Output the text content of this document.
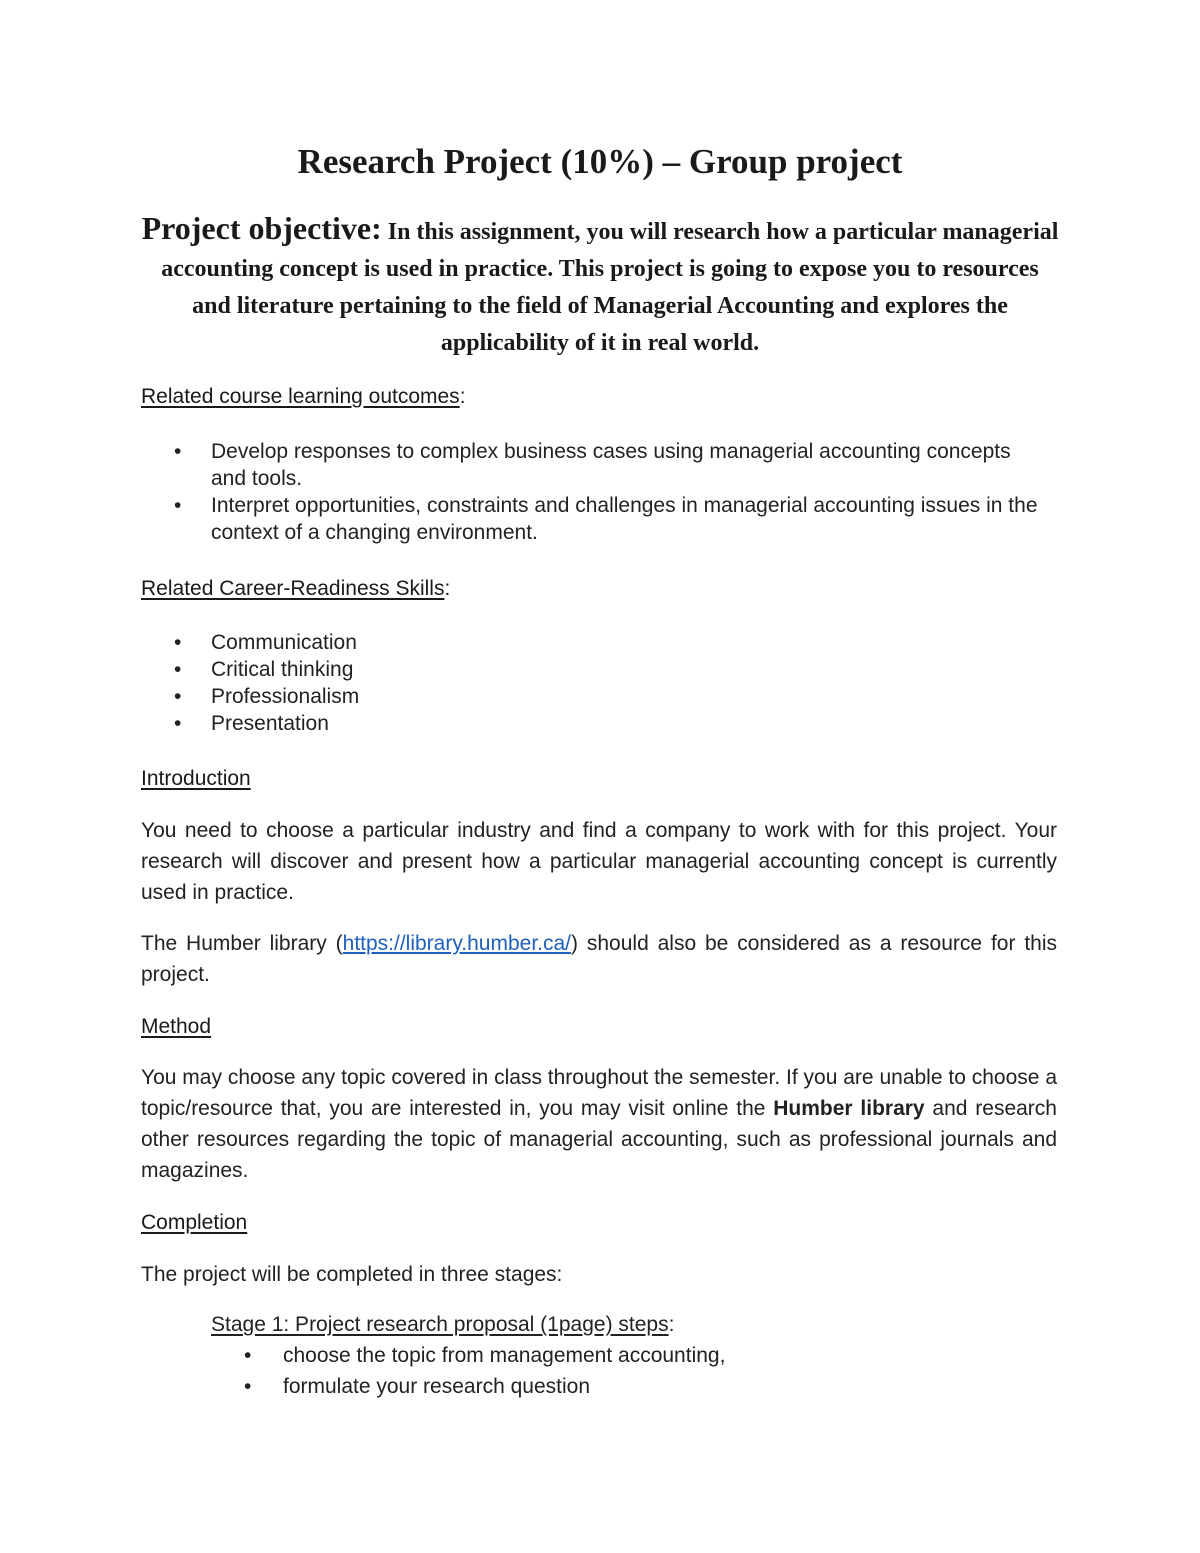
Research Project (10%) – Group project

Project objective: In this assignment, you will research how a particular managerial accounting concept is used in practice. This project is going to expose you to resources and literature pertaining to the field of Managerial Accounting and explores the applicability of it in real world.

Related course learning outcomes:

• Develop responses to complex business cases using managerial accounting concepts and tools.
• Interpret opportunities, constraints and challenges in managerial accounting issues in the context of a changing environment.

Related Career-Readiness Skills:

• Communication
• Critical thinking
• Professionalism
• Presentation

Introduction

You need to choose a particular industry and find a company to work with for this project. Your research will discover and present how a particular managerial accounting concept is currently used in practice.

The Humber library (https://library.humber.ca/) should also be considered as a resource for this project.

Method

You may choose any topic covered in class throughout the semester. If you are unable to choose a topic/resource that, you are interested in, you may visit online the Humber library and research other resources regarding the topic of managerial accounting, such as professional journals and magazines.

Completion

The project will be completed in three stages:

Stage 1: Project research proposal (1page) steps:

• choose the topic from management accounting,
• formulate your research question
